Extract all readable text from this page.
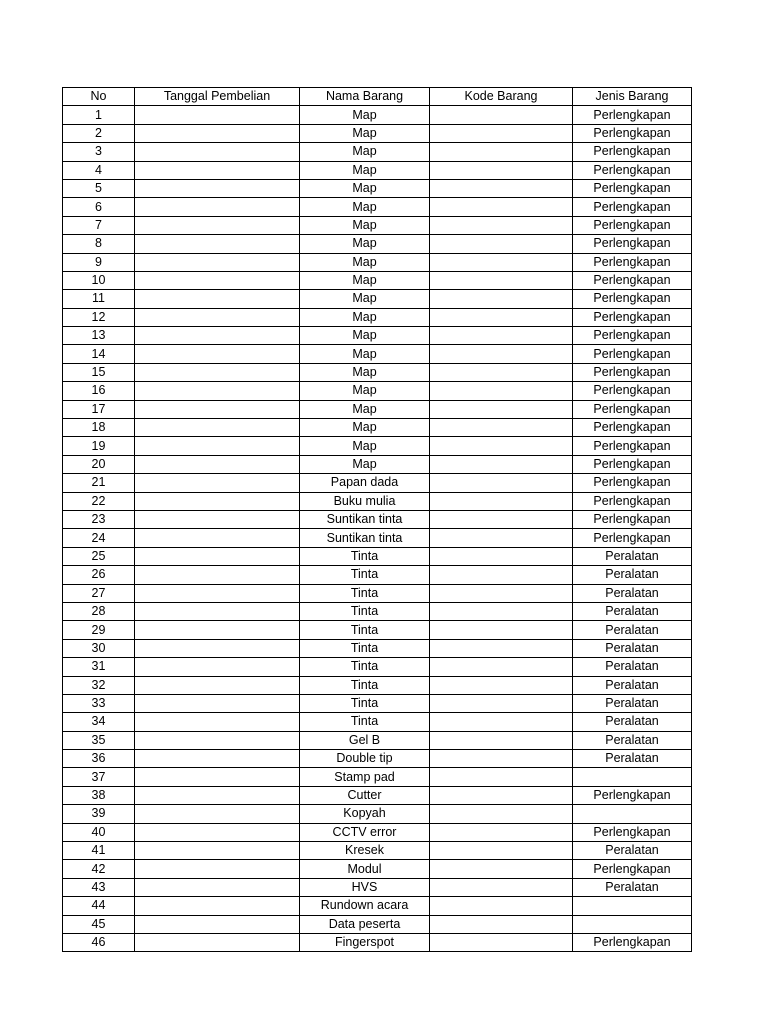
No	Tanggal Pembelian	Nama Barang	Kode Barang	Jenis Barang
1		Map		Perlengkapan
2		Map		Perlengkapan
3		Map		Perlengkapan
4		Map		Perlengkapan
5		Map		Perlengkapan
6		Map		Perlengkapan
7		Map		Perlengkapan
8		Map		Perlengkapan
9		Map		Perlengkapan
10		Map		Perlengkapan
11		Map		Perlengkapan
12		Map		Perlengkapan
13		Map		Perlengkapan
14		Map		Perlengkapan
15		Map		Perlengkapan
16		Map		Perlengkapan
17		Map		Perlengkapan
18		Map		Perlengkapan
19		Map		Perlengkapan
20		Map		Perlengkapan
21		Papan dada		Perlengkapan
22		Buku mulia		Perlengkapan
23		Suntikan tinta		Perlengkapan
24		Suntikan tinta		Perlengkapan
25		Tinta		Peralatan
26		Tinta		Peralatan
27		Tinta		Peralatan
28		Tinta		Peralatan
29		Tinta		Peralatan
30		Tinta		Peralatan
31		Tinta		Peralatan
32		Tinta		Peralatan
33		Tinta		Peralatan
34		Tinta		Peralatan
35		Gel B		Peralatan
36		Double tip		Peralatan
37		Stamp pad		
38		Cutter		Perlengkapan
39		Kopyah		
40		CCTV error		Perlengkapan
41		Kresek		Peralatan
42		Modul		Perlengkapan
43		HVS		Peralatan
44		Rundown acara		
45		Data peserta		
46		Fingerspot		Perlengkapan
